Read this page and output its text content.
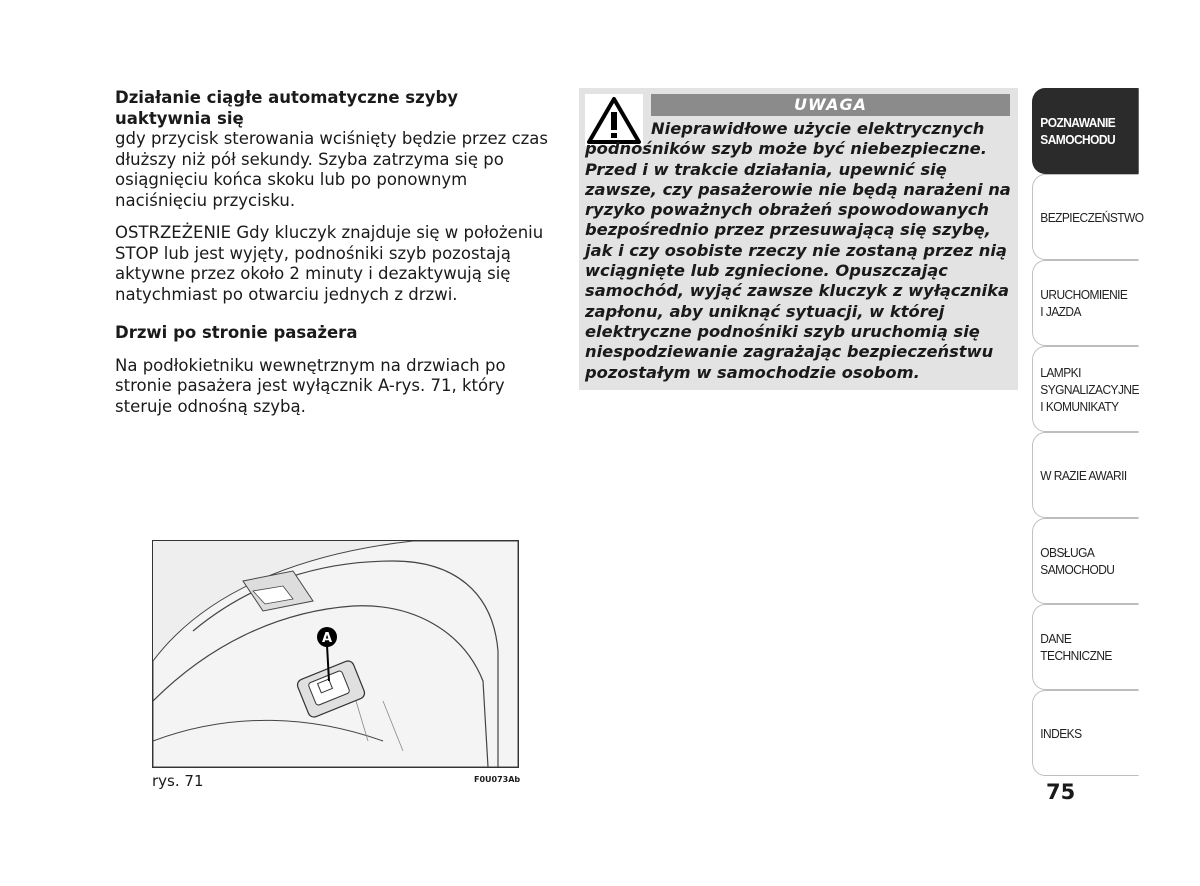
Działanie ciągłe automatyczne szyby uaktywnia się
gdy przycisk sterowania wciśnięty będzie przez czas dłuższy niż pół sekundy. Szyba zatrzyma się po osiągnięciu końca skoku lub po ponownym naciśnięciu przycisku.

OSTRZEŻENIE Gdy kluczyk znajduje się w położeniu STOP lub jest wyjęty, podnośniki szyb pozostają aktywne przez około 2 minuty i dezaktywują się natychmiast po otwarciu jednych z drzwi.

Drzwi po stronie pasażera

Na podłokietniku wewnętrznym na drzwiach po stronie pasażera jest wyłącznik A-rys. 71, który steruje odnośną szybą.

UWAGA
Nieprawidłowe użycie elektrycznych podnośników szyb może być niebezpieczne. Przed i w trakcie działania, upewnić się zawsze, czy pasażerowie nie będą narażeni na ryzyko poważnych obrażeń spowodowanych bezpośrednio przez przesuwającą się szybę, jak i czy osobiste rzeczy nie zostaną przez nią wciągnięte lub zgniecione. Opuszczając samochód, wyjąć zawsze kluczyk z wyłącznika zapłonu, aby uniknąć sytuacji, w której elektryczne podnośniki szyb uruchomią się niespodziewanie zagrażając bezpieczeństwu pozostałym w samochodzie osobom.
A
rys. 71	F0U073Ab
POZNAWANIE
SAMOCHODU
BEZPIECZEŃSTWO
URUCHOMIENIE
I JAZDA
LAMPKI
SYGNALIZACYJNE
I KOMUNIKATY
W RAZIE AWARII
OBSŁUGA
SAMOCHODU
DANE
TECHNICZNE
INDEKS
75
